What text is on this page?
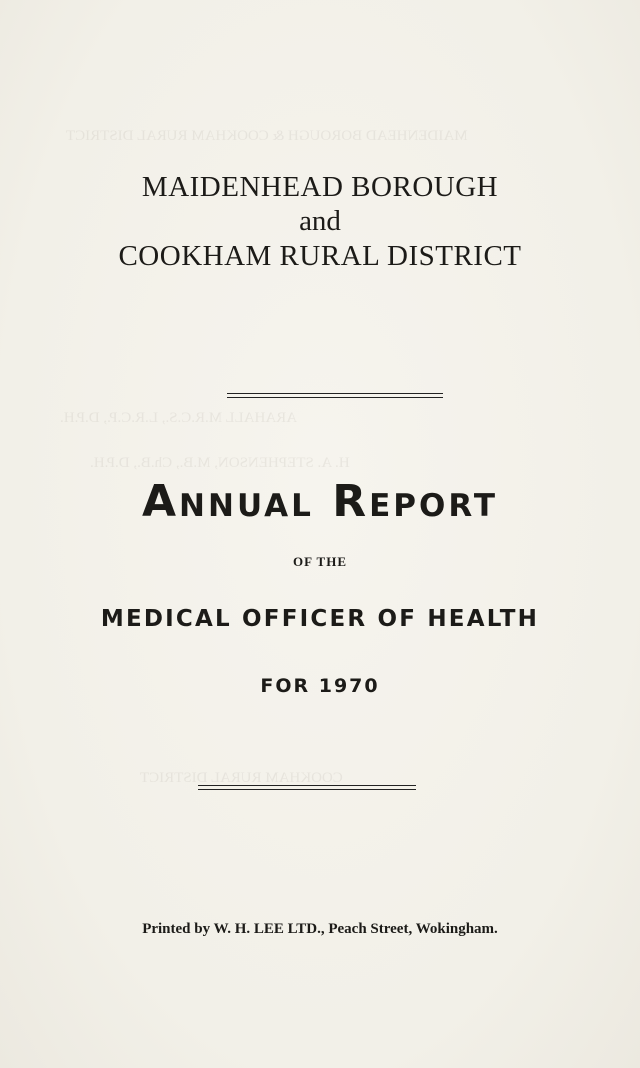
MAIDENHEAD BOROUGH & COOKHAM RURAL DISTRICT
ARAHALL M.R.C.S., L.R.C.P., D.P.H.
H. A. STEPHENSON, M.B., Ch.B., D.P.H.
COOKHAM RURAL DISTRICT
MAIDENHEAD BOROUGH
and
COOKHAM RURAL DISTRICT
Annual Report
OF THE
MEDICAL OFFICER OF HEALTH
FOR 1970
Printed by W. H. LEE LTD., Peach Street, Wokingham.
